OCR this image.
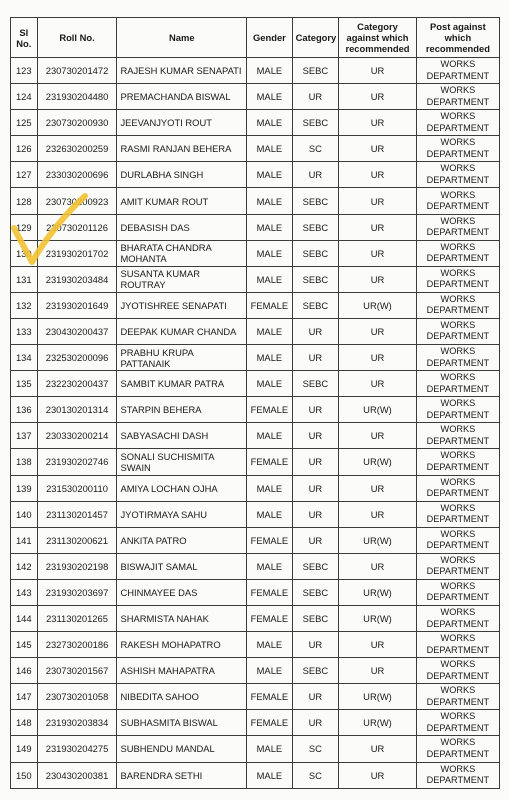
Sl No.	Roll No.	Name	Gender	Category	Category against which recommended	Post against which recommended
123	230730201472	RAJESH KUMAR SENAPATI	MALE	SEBC	UR	WORKS DEPARTMENT
124	231930204480	PREMACHANDA BISWAL	MALE	UR	UR	WORKS DEPARTMENT
125	230730200930	JEEVANJYOTI ROUT	MALE	SEBC	UR	WORKS DEPARTMENT
126	232630200259	RASMI RANJAN BEHERA	MALE	SC	UR	WORKS DEPARTMENT
127	233030200696	DURLABHA SINGH	MALE	UR	UR	WORKS DEPARTMENT
128	230730200923	AMIT KUMAR ROUT	MALE	SEBC	UR	WORKS DEPARTMENT
129	230730201126	DEBASISH DAS	MALE	SEBC	UR	WORKS DEPARTMENT
130	231930201702	BHARATA CHANDRA MOHANTA	MALE	SEBC	UR	WORKS DEPARTMENT
131	231930203484	SUSANTA KUMAR ROUTRAY	MALE	SEBC	UR	WORKS DEPARTMENT
132	231930201649	JYOTISHREE SENAPATI	FEMALE	SEBC	UR(W)	WORKS DEPARTMENT
133	230430200437	DEEPAK KUMAR CHANDA	MALE	UR	UR	WORKS DEPARTMENT
134	232530200096	PRABHU KRUPA PATTANAIK	MALE	UR	UR	WORKS DEPARTMENT
135	232230200437	SAMBIT KUMAR PATRA	MALE	SEBC	UR	WORKS DEPARTMENT
136	230130201314	STARPIN BEHERA	FEMALE	UR	UR(W)	WORKS DEPARTMENT
137	230330200214	SABYASACHI DASH	MALE	UR	UR	WORKS DEPARTMENT
138	231930202746	SONALI SUCHISMITA SWAIN	FEMALE	UR	UR(W)	WORKS DEPARTMENT
139	231530200110	AMIYA LOCHAN OJHA	MALE	UR	UR	WORKS DEPARTMENT
140	231130201457	JYOTIRMAYA SAHU	MALE	UR	UR	WORKS DEPARTMENT
141	231130200621	ANKITA PATRO	FEMALE	UR	UR(W)	WORKS DEPARTMENT
142	231930202198	BISWAJIT SAMAL	MALE	SEBC	UR	WORKS DEPARTMENT
143	231930203697	CHINMAYEE DAS	FEMALE	SEBC	UR(W)	WORKS DEPARTMENT
144	231130201265	SHARMISTA NAHAK	FEMALE	SEBC	UR(W)	WORKS DEPARTMENT
145	232730200186	RAKESH MOHAPATRO	MALE	UR	UR	WORKS DEPARTMENT
146	230730201567	ASHISH MAHAPATRA	MALE	SEBC	UR	WORKS DEPARTMENT
147	230730201058	NIBEDITA SAHOO	FEMALE	UR	UR(W)	WORKS DEPARTMENT
148	231930203834	SUBHASMITA BISWAL	FEMALE	UR	UR(W)	WORKS DEPARTMENT
149	231930204275	SUBHENDU MANDAL	MALE	SC	UR	WORKS DEPARTMENT
150	230430200381	BARENDRA SETHI	MALE	SC	UR	WORKS DEPARTMENT
